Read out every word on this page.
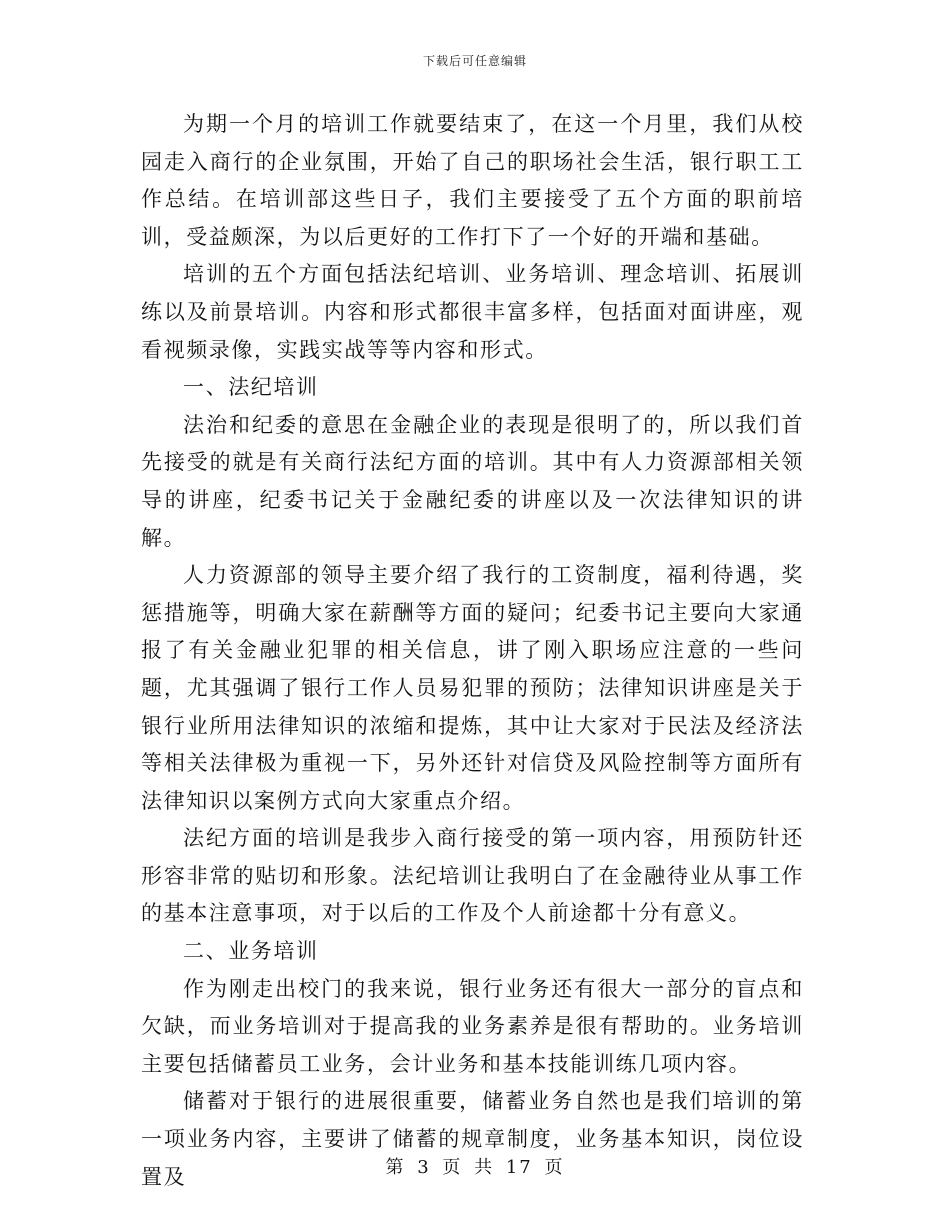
下载后可任意编辑

为期一个月的培训工作就要结束了，在这一个月里，我们从校园走入商行的企业氛围，开始了自己的职场社会生活，银行职工工作总结。在培训部这些日子，我们主要接受了五个方面的职前培训，受益颇深，为以后更好的工作打下了一个好的开端和基础。

培训的五个方面包括法纪培训、业务培训、理念培训、拓展训练以及前景培训。内容和形式都很丰富多样，包括面对面讲座，观看视频录像，实践实战等等内容和形式。

一、法纪培训

法治和纪委的意思在金融企业的表现是很明了的，所以我们首先接受的就是有关商行法纪方面的培训。其中有人力资源部相关领导的讲座，纪委书记关于金融纪委的讲座以及一次法律知识的讲解。

人力资源部的领导主要介绍了我行的工资制度，福利待遇，奖惩措施等，明确大家在薪酬等方面的疑问；纪委书记主要向大家通报了有关金融业犯罪的相关信息，讲了刚入职场应注意的一些问题，尤其强调了银行工作人员易犯罪的预防；法律知识讲座是关于银行业所用法律知识的浓缩和提炼，其中让大家对于民法及经济法等相关法律极为重视一下，另外还针对信贷及风险控制等方面所有法律知识以案例方式向大家重点介绍。

法纪方面的培训是我步入商行接受的第一项内容，用预防针还形容非常的贴切和形象。法纪培训让我明白了在金融待业从事工作的基本注意事项，对于以后的工作及个人前途都十分有意义。

二、业务培训

作为刚走出校门的我来说，银行业务还有很大一部分的盲点和欠缺，而业务培训对于提高我的业务素养是很有帮助的。业务培训主要包括储蓄员工业务，会计业务和基本技能训练几项内容。

储蓄对于银行的进展很重要，储蓄业务自然也是我们培训的第一项业务内容，主要讲了储蓄的规章制度，业务基本知识，岗位设置及	第 3 页 共 17 页
